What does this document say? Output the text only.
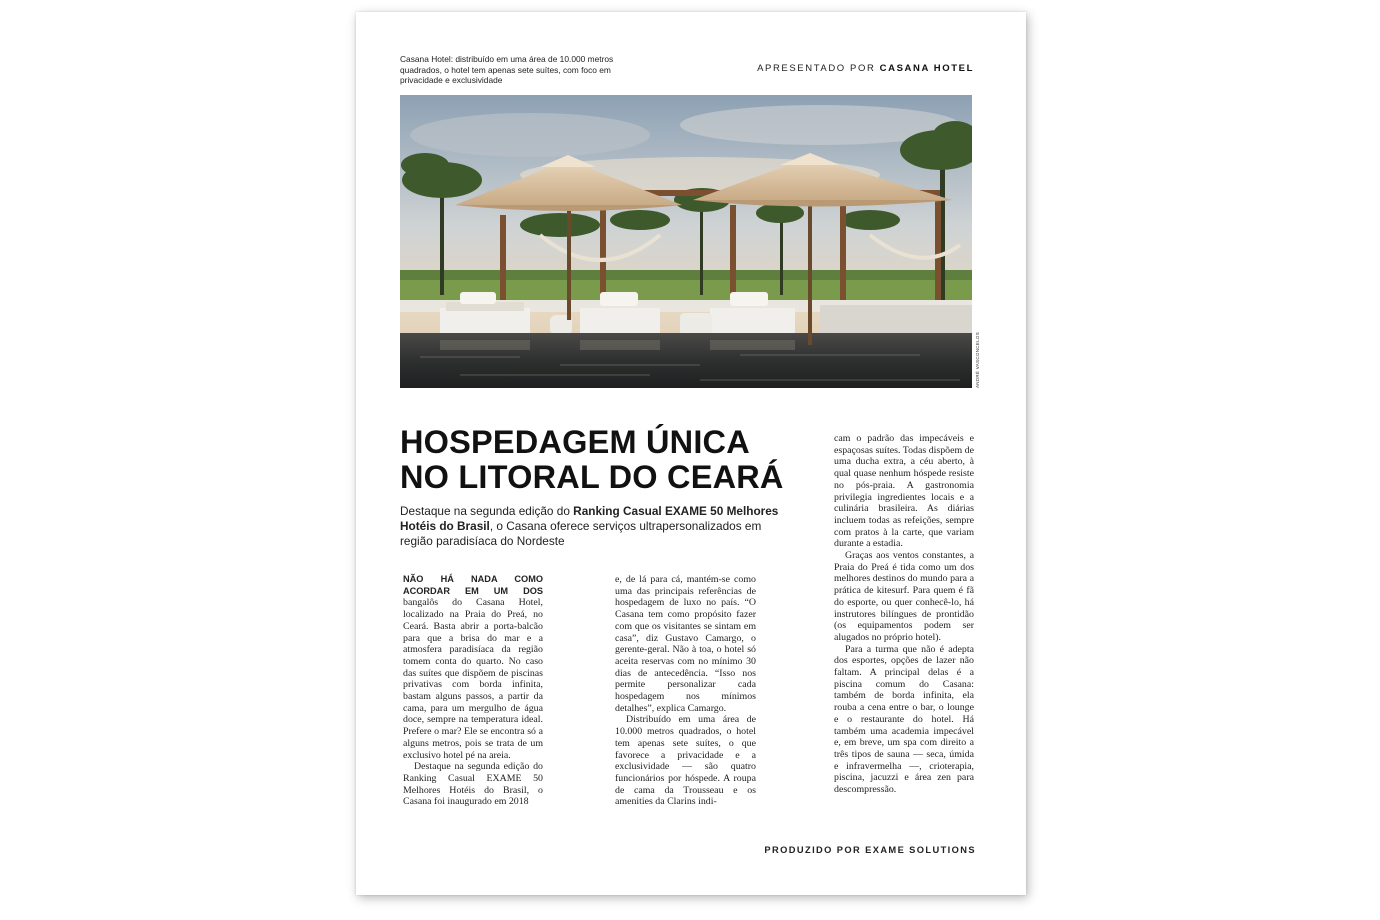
Casana Hotel: distribuído em uma área de 10.000 metros quadrados, o hotel tem apenas sete suítes, com foco em privacidade e exclusividade
APRESENTADO POR CASANA HOTEL
ANDRÉ VASCONCELOS
HOSPEDAGEM ÚNICA
NO LITORAL DO CEARÁ
Destaque na segunda edição do Ranking Casual EXAME 50 Melhores Hotéis do Brasil, o Casana oferece serviços ultrapersonalizados em região paradisíaca do Nordeste

NÃO HÁ NADA COMO ACORDAR EM UM DOS bangalôs do Casana Hotel, localizado na Praia do Preá, no Ceará. Basta abrir a porta-balcão para que a brisa do mar e a atmosfera paradisíaca da região tomem conta do quarto. No caso das suítes que dispõem de piscinas privativas com borda infinita, bastam alguns passos, a partir da cama, para um mergulho de água doce, sempre na temperatura ideal. Prefere o mar? Ele se encontra só a alguns metros, pois se trata de um exclusivo hotel pé na areia.

Destaque na segunda edição do Ranking Casual EXAME 50 Melhores Hotéis do Brasil, o Casana foi inaugurado em 2018

e, de lá para cá, mantém-se como uma das principais referências de hospedagem de luxo no país. “O Casana tem como propósito fazer com que os visitantes se sintam em casa”, diz Gustavo Camargo, o gerente-geral. Não à toa, o hotel só aceita reservas com no mínimo 30 dias de antecedência. “Isso nos permite personalizar cada hospedagem nos mínimos detalhes”, explica Camargo.

Distribuído em uma área de 10.000 metros quadrados, o hotel tem apenas sete suítes, o que favorece a privacidade e a exclusividade — são quatro funcionários por hóspede. A roupa de cama da Trousseau e os amenities da Clarins indi-

cam o padrão das impecáveis e espaçosas suítes. Todas dispõem de uma ducha extra, a céu aberto, à qual quase nenhum hóspede resiste no pós-praia. A gastronomia privilegia ingredientes locais e a culinária brasileira. As diárias incluem todas as refeições, sempre com pratos à la carte, que variam durante a estadia.

Graças aos ventos constantes, a Praia do Preá é tida como um dos melhores destinos do mundo para a prática de kitesurf. Para quem é fã do esporte, ou quer conhecê-lo, há instrutores bilíngues de prontidão (os equipamentos podem ser alugados no próprio hotel).

Para a turma que não é adepta dos esportes, opções de lazer não faltam. A principal delas é a piscina comum do Casana: também de borda infinita, ela rouba a cena entre o bar, o lounge e o restaurante do hotel. Há também uma academia impecável e, em breve, um spa com direito a três tipos de sauna — seca, úmida e infravermelha —, crioterapia, piscina, jacuzzi e área zen para descompressão.

PRODUZIDO POR EXAME SOLUTIONS
